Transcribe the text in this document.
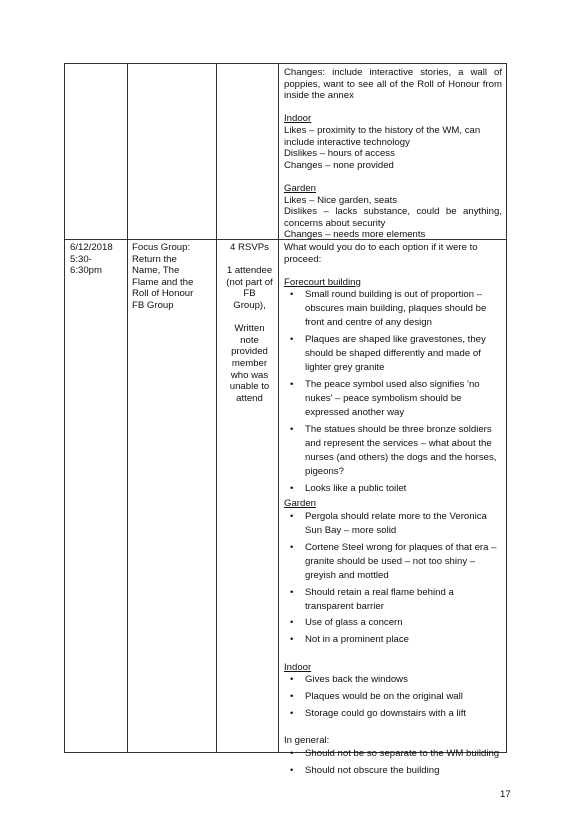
Changes: include interactive stories, a wall of poppies, want to see all of the Roll of Honour from inside the annex

Indoor

Likes – proximity to the history of the WM, can include interactive technology

Dislikes – hours of access

Changes – none provided

Garden

Likes – Nice garden, seats

Dislikes – lacks substance, could be anything, concerns about security

Changes – needs more elements

6/12/2018

5:30-

6:30pm

Focus Group:

Return the

Name, The

Flame and the

Roll of Honour

FB Group

4 RSVPs

1 attendee

(not part of

FB

Group),

Written

note

provided

member

who was

unable to

attend

What would you do to each option if it were to proceed:

Forecourt building

• Small round building is out of proportion – obscures main building, plaques should be front and centre of any design
• Plaques are shaped like gravestones, they should be shaped differently and made of lighter grey granite
• The peace symbol used also signifies 'no nukes' – peace symbolism should be expressed another way
• The statues should be three bronze soldiers and represent the services – what about the nurses (and others) the dogs and the horses, pigeons?
• Looks like a public toilet

Garden

• Pergola should relate more to the Veronica Sun Bay – more solid
• Cortene Steel wrong for plaques of that era – granite should be used – not too shiny – greyish and mottled
• Should retain a real flame behind a transparent barrier
• Use of glass a concern
• Not in a prominent place

Indoor

• Gives back the windows
• Plaques would be on the original wall
• Storage could go downstairs with a lift

In general:

• Should not be so separate to the WM building
• Should not obscure the building
17
